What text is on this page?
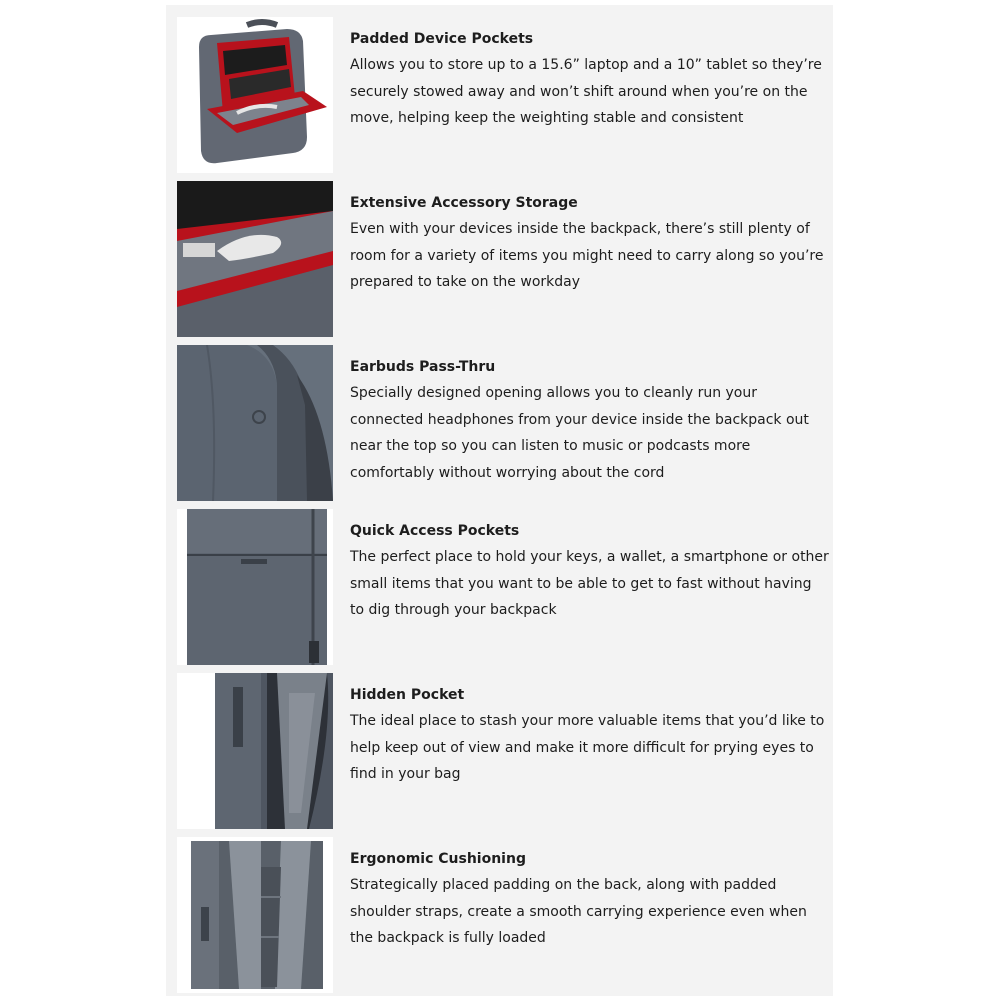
Padded Device Pockets

Allows you to store up to a 15.6” laptop and a 10” tablet so they’re securely stowed away and won’t shift around when you’re on the move, helping keep the weighting stable and consistent

Extensive Accessory Storage

Even with your devices inside the backpack, there’s still plenty of room for a variety of items you might need to carry along so you’re prepared to take on the workday

Earbuds Pass-Thru

Specially designed opening allows you to cleanly run your connected headphones from your device inside the backpack out near the top so you can listen to music or podcasts more comfortably without worrying about the cord

Quick Access Pockets

The perfect place to hold your keys, a wallet, a smartphone or other small items that you want to be able to get to fast without having to dig through your backpack

Hidden Pocket

The ideal place to stash your more valuable items that you’d like to help keep out of view and make it more difficult for prying eyes to find in your bag

Ergonomic Cushioning

Strategically placed padding on the back, along with padded shoulder straps, create a smooth carrying experience even when the backpack is fully loaded
